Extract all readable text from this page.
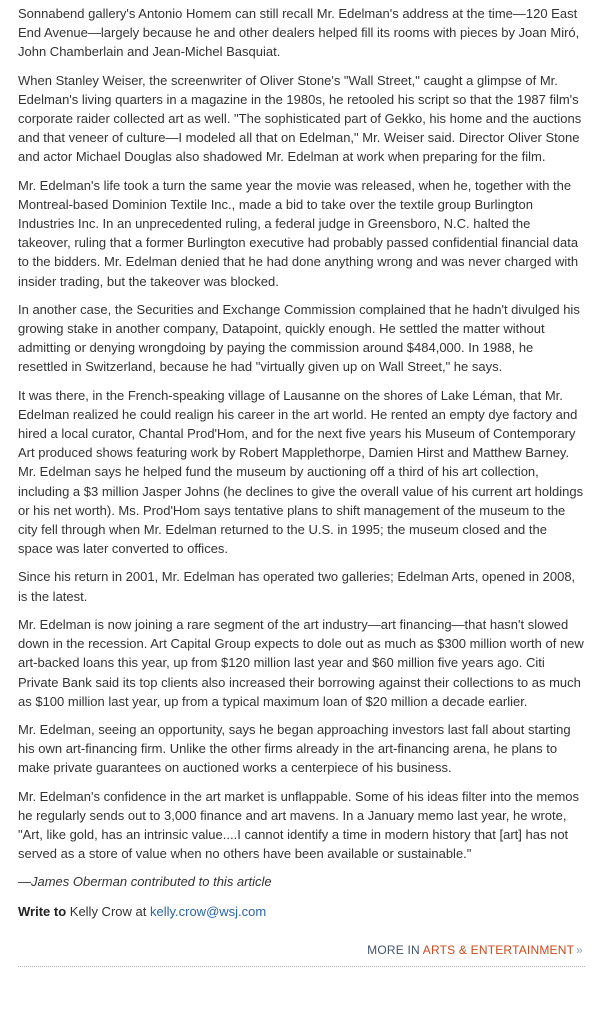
Sonnabend gallery's Antonio Homem can still recall Mr. Edelman's address at the time—120 East End Avenue—largely because he and other dealers helped fill its rooms with pieces by Joan Miró, John Chamberlain and Jean-Michel Basquiat.

When Stanley Weiser, the screenwriter of Oliver Stone's "Wall Street," caught a glimpse of Mr. Edelman's living quarters in a magazine in the 1980s, he retooled his script so that the 1987 film's corporate raider collected art as well. "The sophisticated part of Gekko, his home and the auctions and that veneer of culture—I modeled all that on Edelman," Mr. Weiser said. Director Oliver Stone and actor Michael Douglas also shadowed Mr. Edelman at work when preparing for the film.

Mr. Edelman's life took a turn the same year the movie was released, when he, together with the Montreal-based Dominion Textile Inc., made a bid to take over the textile group Burlington Industries Inc. In an unprecedented ruling, a federal judge in Greensboro, N.C. halted the takeover, ruling that a former Burlington executive had probably passed confidential financial data to the bidders. Mr. Edelman denied that he had done anything wrong and was never charged with insider trading, but the takeover was blocked.

In another case, the Securities and Exchange Commission complained that he hadn't divulged his growing stake in another company, Datapoint, quickly enough. He settled the matter without admitting or denying wrongdoing by paying the commission around $484,000. In 1988, he resettled in Switzerland, because he had "virtually given up on Wall Street," he says.

It was there, in the French-speaking village of Lausanne on the shores of Lake Léman, that Mr. Edelman realized he could realign his career in the art world. He rented an empty dye factory and hired a local curator, Chantal Prod'Hom, and for the next five years his Museum of Contemporary Art produced shows featuring work by Robert Mapplethorpe, Damien Hirst and Matthew Barney. Mr. Edelman says he helped fund the museum by auctioning off a third of his art collection, including a $3 million Jasper Johns (he declines to give the overall value of his current art holdings or his net worth). Ms. Prod'Hom says tentative plans to shift management of the museum to the city fell through when Mr. Edelman returned to the U.S. in 1995; the museum closed and the space was later converted to offices.

Since his return in 2001, Mr. Edelman has operated two galleries; Edelman Arts, opened in 2008, is the latest.

Mr. Edelman is now joining a rare segment of the art industry—art financing—that hasn't slowed down in the recession. Art Capital Group expects to dole out as much as $300 million worth of new art-backed loans this year, up from $120 million last year and $60 million five years ago. Citi Private Bank said its top clients also increased their borrowing against their collections to as much as $100 million last year, up from a typical maximum loan of $20 million a decade earlier.

Mr. Edelman, seeing an opportunity, says he began approaching investors last fall about starting his own art-financing firm. Unlike the other firms already in the art-financing arena, he plans to make private guarantees on auctioned works a centerpiece of his business.

Mr. Edelman's confidence in the art market is unflappable. Some of his ideas filter into the memos he regularly sends out to 3,000 finance and art mavens. In a January memo last year, he wrote, "Art, like gold, has an intrinsic value....I cannot identify a time in modern history that [art] has not served as a store of value when no others have been available or sustainable."

—James Oberman contributed to this article

Write to Kelly Crow at kelly.crow@wsj.com

MORE IN ARTS & ENTERTAINMENT »
